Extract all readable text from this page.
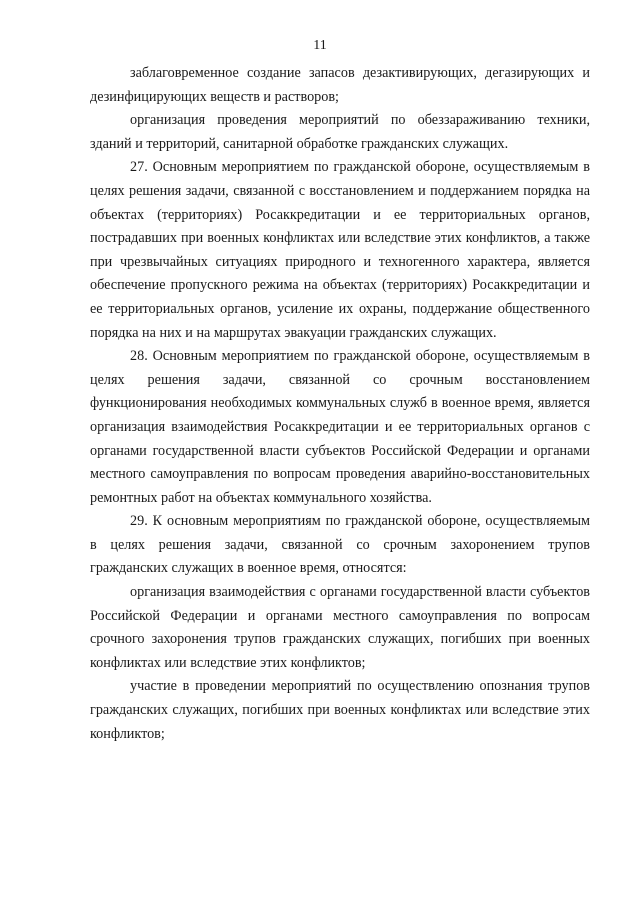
11

заблаговременное создание запасов дезактивирующих, дегазирующих и дезинфицирующих веществ и растворов;

организация проведения мероприятий по обеззараживанию техники, зданий и территорий, санитарной обработке гражданских служащих.

27. Основным мероприятием по гражданской обороне, осуществляемым в целях решения задачи, связанной с восстановлением и поддержанием порядка на объектах (территориях) Росаккредитации и ее территориальных органов, пострадавших при военных конфликтах или вследствие этих конфликтов, а также при чрезвычайных ситуациях природного и техногенного характера, является обеспечение пропускного режима на объектах (территориях) Росаккредитации и ее территориальных органов, усиление их охраны, поддержание общественного порядка на них и на маршрутах эвакуации гражданских служащих.

28. Основным мероприятием по гражданской обороне, осуществляемым в целях решения задачи, связанной со срочным восстановлением функционирования необходимых коммунальных служб в военное время, является организация взаимодействия Росаккредитации и ее территориальных органов с органами государственной власти субъектов Российской Федерации и органами местного самоуправления по вопросам проведения аварийно-восстановительных ремонтных работ на объектах коммунального хозяйства.

29. К основным мероприятиям по гражданской обороне, осуществляемым в целях решения задачи, связанной со срочным захоронением трупов гражданских служащих в военное время, относятся:

организация взаимодействия с органами государственной власти субъектов Российской Федерации и органами местного самоуправления по вопросам срочного захоронения трупов гражданских служащих, погибших при военных конфликтах или вследствие этих конфликтов;

участие в проведении мероприятий по осуществлению опознания трупов гражданских служащих, погибших при военных конфликтах или вследствие этих конфликтов;
